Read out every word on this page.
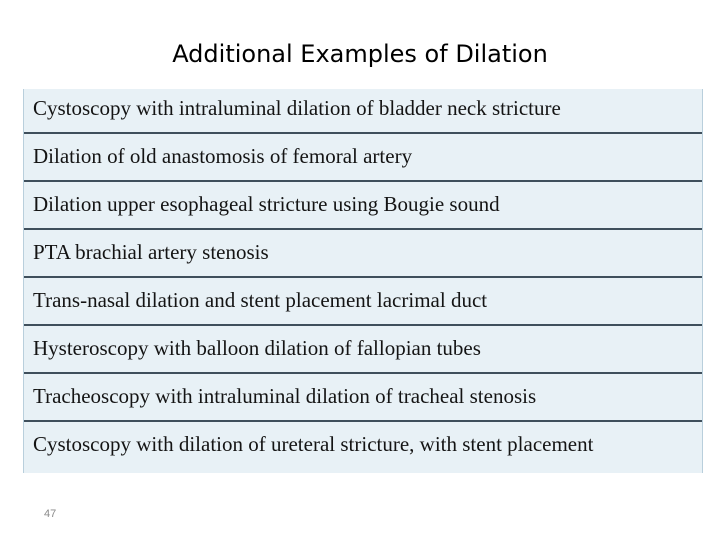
Additional Examples of Dilation
Cystoscopy with intraluminal dilation of bladder neck stricture
Dilation of old anastomosis of femoral artery
Dilation upper esophageal stricture using Bougie sound
PTA brachial artery stenosis
Trans-nasal dilation and stent placement lacrimal duct
Hysteroscopy with balloon dilation of fallopian tubes
Tracheoscopy with intraluminal dilation of tracheal stenosis
Cystoscopy with dilation of ureteral stricture, with stent placement
47
